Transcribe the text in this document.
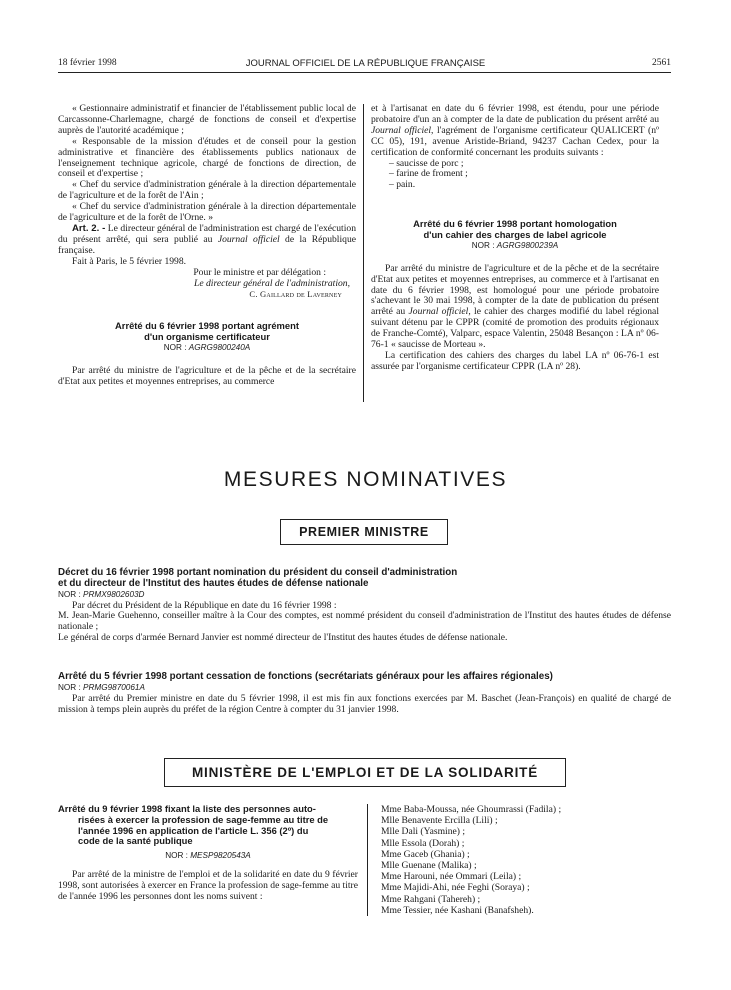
18 février 1998	JOURNAL OFFICIEL DE LA RÉPUBLIQUE FRANÇAISE	2561

« Gestionnaire administratif et financier de l'établissement public local de Carcassonne-Charlemagne, chargé de fonctions de conseil et d'expertise auprès de l'autorité académique ;

« Responsable de la mission d'études et de conseil pour la gestion administrative et financière des établissements publics nationaux de l'enseignement technique agricole, chargé de fonctions de direction, de conseil et d'expertise ;

« Chef du service d'administration générale à la direction départementale de l'agriculture et de la forêt de l'Ain ;

« Chef du service d'administration générale à la direction départementale de l'agriculture et de la forêt de l'Orne. »

Art. 2. - Le directeur général de l'administration est chargé de l'exécution du présent arrêté, qui sera publié au Journal officiel de la République française.

Fait à Paris, le 5 février 1998.

Pour le ministre et par délégation :

Le directeur général de l'administration,

C. Gaillard de Laverney

Arrêté du 6 février 1998 portant agrément

d'un organisme certificateur

NOR : AGRG9800240A

Par arrêté du ministre de l'agriculture et de la pêche et de la secrétaire d'Etat aux petites et moyennes entreprises, au commerce

et à l'artisanat en date du 6 février 1998, est étendu, pour une période probatoire d'un an à compter de la date de publication du présent arrêté au Journal officiel, l'agrément de l'organisme certificateur QUALICERT (nº CC 05), 191, avenue Aristide-Briand, 94237 Cachan Cedex, pour la certification de conformité concernant les produits suivants :

– saucisse de porc ;

– farine de froment ;

– pain.

Arrêté du 6 février 1998 portant homologation

d'un cahier des charges de label agricole

NOR : AGRG9800239A

Par arrêté du ministre de l'agriculture et de la pêche et de la secrétaire d'Etat aux petites et moyennes entreprises, au commerce et à l'artisanat en date du 6 février 1998, est homologué pour une période probatoire s'achevant le 30 mai 1998, à compter de la date de publication du présent arrêté au Journal officiel, le cahier des charges modifié du label régional suivant détenu par le CPPR (comité de promotion des produits régionaux de Franche-Comté), Valparc, espace Valentin, 25048 Besançon : LA nº 06-76-1 « saucisse de Morteau ».

La certification des cahiers des charges du label LA nº 06-76-1 est assurée par l'organisme certificateur CPPR (LA nº 28).

MESURES NOMINATIVES
PREMIER MINISTRE

Décret du 16 février 1998 portant nomination du président du conseil d'administration

et du directeur de l'Institut des hautes études de défense nationale

NOR : PRMX9802603D

Par décret du Président de la République en date du 16 février 1998 :

M. Jean-Marie Guehenno, conseiller maître à la Cour des comptes, est nommé président du conseil d'administration de l'Institut des hautes études de défense nationale ;

Le général de corps d'armée Bernard Janvier est nommé directeur de l'Institut des hautes études de défense nationale.

Arrêté du 5 février 1998 portant cessation de fonctions (secrétariats généraux pour les affaires régionales)

NOR : PRMG9870061A

Par arrêté du Premier ministre en date du 5 février 1998, il est mis fin aux fonctions exercées par M. Baschet (Jean-François) en qualité de chargé de mission à temps plein auprès du préfet de la région Centre à compter du 31 janvier 1998.

MINISTÈRE DE L'EMPLOI ET DE LA SOLIDARITÉ

Arrêté du 9 février 1998 fixant la liste des personnes auto-

risées à exercer la profession de sage-femme au titre de

l'année 1996 en application de l'article L. 356 (2º) du

code de la santé publique

NOR : MESP9820543A

Par arrêté de la ministre de l'emploi et de la solidarité en date du 9 février 1998, sont autorisées à exercer en France la profession de sage-femme au titre de l'année 1996 les personnes dont les noms suivent :

Mme Baba-Moussa, née Ghoumrassi (Fadila) ;

Mlle Benavente Ercilla (Lili) ;

Mlle Dali (Yasmine) ;

Mlle Essola (Dorah) ;

Mme Gaceb (Ghania) ;

Mlle Guenane (Malika) ;

Mme Harouni, née Ommari (Leila) ;

Mme Majidi-Ahi, née Feghi (Soraya) ;

Mme Rahgani (Tahereh) ;

Mme Tessier, née Kashani (Banafsheh).
